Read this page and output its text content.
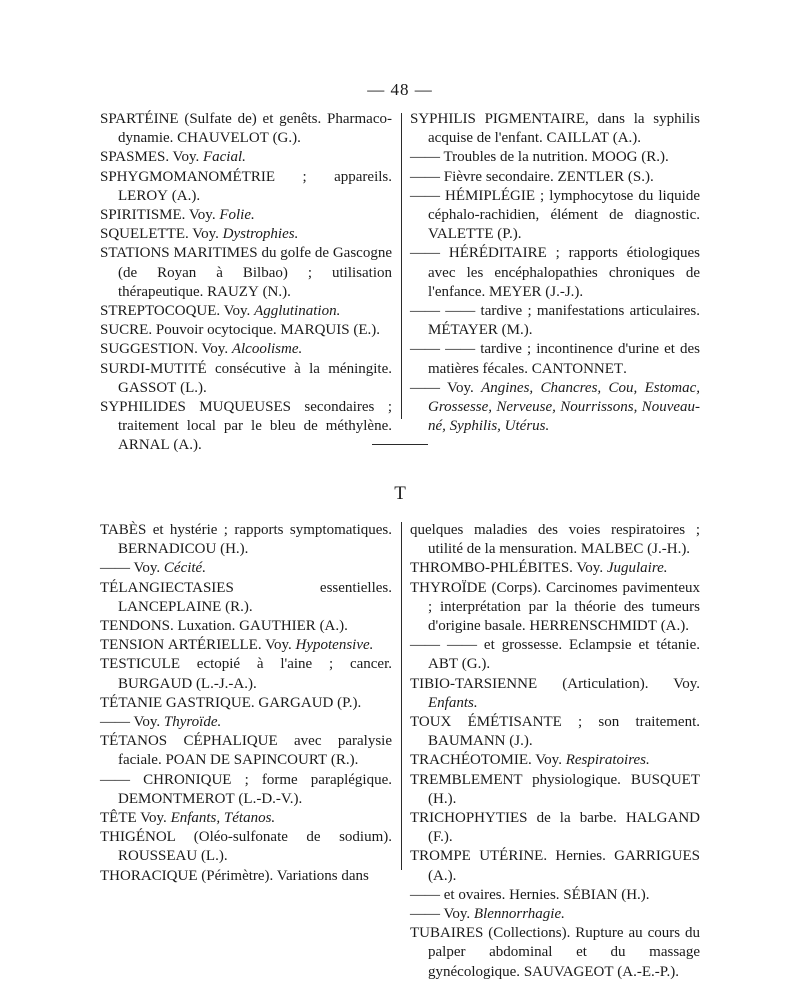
— 48 —

SPARTÉINE (Sulfate de) et genêts. Pharmaco-dynamie. CHAUVELOT (G.).

SPASMES. Voy. Facial.

SPHYGMOMANOMÉTRIE ; appareils. LEROY (A.).

SPIRITISME. Voy. Folie.

SQUELETTE. Voy. Dystrophies.

STATIONS MARITIMES du golfe de Gascogne (de Royan à Bilbao) ; utilisation thérapeutique. RAUZY (N.).

STREPTOCOQUE. Voy. Agglutination.

SUCRE. Pouvoir ocytocique. MARQUIS (E.).

SUGGESTION. Voy. Alcoolisme.

SURDI-MUTITÉ consécutive à la méningite. GASSOT (L.).

SYPHILIDES MUQUEUSES secondaires ; traitement local par le bleu de méthylène. ARNAL (A.).

SYPHILIS PIGMENTAIRE, dans la syphilis acquise de l'enfant. CAILLAT (A.).

—— Troubles de la nutrition. MOOG (R.).

—— Fièvre secondaire. ZENTLER (S.).

—— HÉMIPLÉGIE ; lymphocytose du liquide céphalo-rachidien, élément de diagnostic. VALETTE (P.).

—— HÉRÉDITAIRE ; rapports étiologiques avec les encéphalopathies chroniques de l'enfance. MEYER (J.-J.).

—— —— tardive ; manifestations articulaires. MÉTAYER (M.).

—— —— tardive ; incontinence d'urine et des matières fécales. CANTONNET.

—— Voy. Angines, Chancres, Cou, Estomac, Grossesse, Nerveuse, Nourrissons, Nouveau-né, Syphilis, Utérus.

T

TABÈS et hystérie ; rapports symptomatiques. BERNADICOU (H.).

—— Voy. Cécité.

TÉLANGIECTASIES essentielles. LANCEPLAINE (R.).

TENDONS. Luxation. GAUTHIER (A.).

TENSION ARTÉRIELLE. Voy. Hypotensive.

TESTICULE ectopié à l'aine ; cancer. BURGAUD (L.-J.-A.).

TÉTANIE GASTRIQUE. GARGAUD (P.).

—— Voy. Thyroïde.

TÉTANOS CÉPHALIQUE avec paralysie faciale. POAN DE SAPINCOURT (R.).

—— CHRONIQUE ; forme paraplégique. DEMONTMEROT (L.-D.-V.).

TÊTE Voy. Enfants, Tétanos.

THIGÉNOL (Oléo-sulfonate de sodium). ROUSSEAU (L.).

THORACIQUE (Périmètre). Variations dans

quelques maladies des voies respiratoires ; utilité de la mensuration. MALBEC (J.-H.).

THROMBO-PHLÉBITES. Voy. Jugulaire.

THYROÏDE (Corps). Carcinomes pavimenteux ; interprétation par la théorie des tumeurs d'origine basale. HERRENSCHMIDT (A.).

—— —— et grossesse. Eclampsie et tétanie. ABT (G.).

TIBIO-TARSIENNE (Articulation). Voy. Enfants.

TOUX ÉMÉTISANTE ; son traitement. BAUMANN (J.).

TRACHÉOTOMIE. Voy. Respiratoires.

TREMBLEMENT physiologique. BUSQUET (H.).

TRICHOPHYTIES de la barbe. HALGAND (F.).

TROMPE UTÉRINE. Hernies. GARRIGUES (A.).

—— et ovaires. Hernies. SÉBIAN (H.).

—— Voy. Blennorrhagie.

TUBAIRES (Collections). Rupture au cours du palper abdominal et du massage gynécologique. SAUVAGEOT (A.-E.-P.).
